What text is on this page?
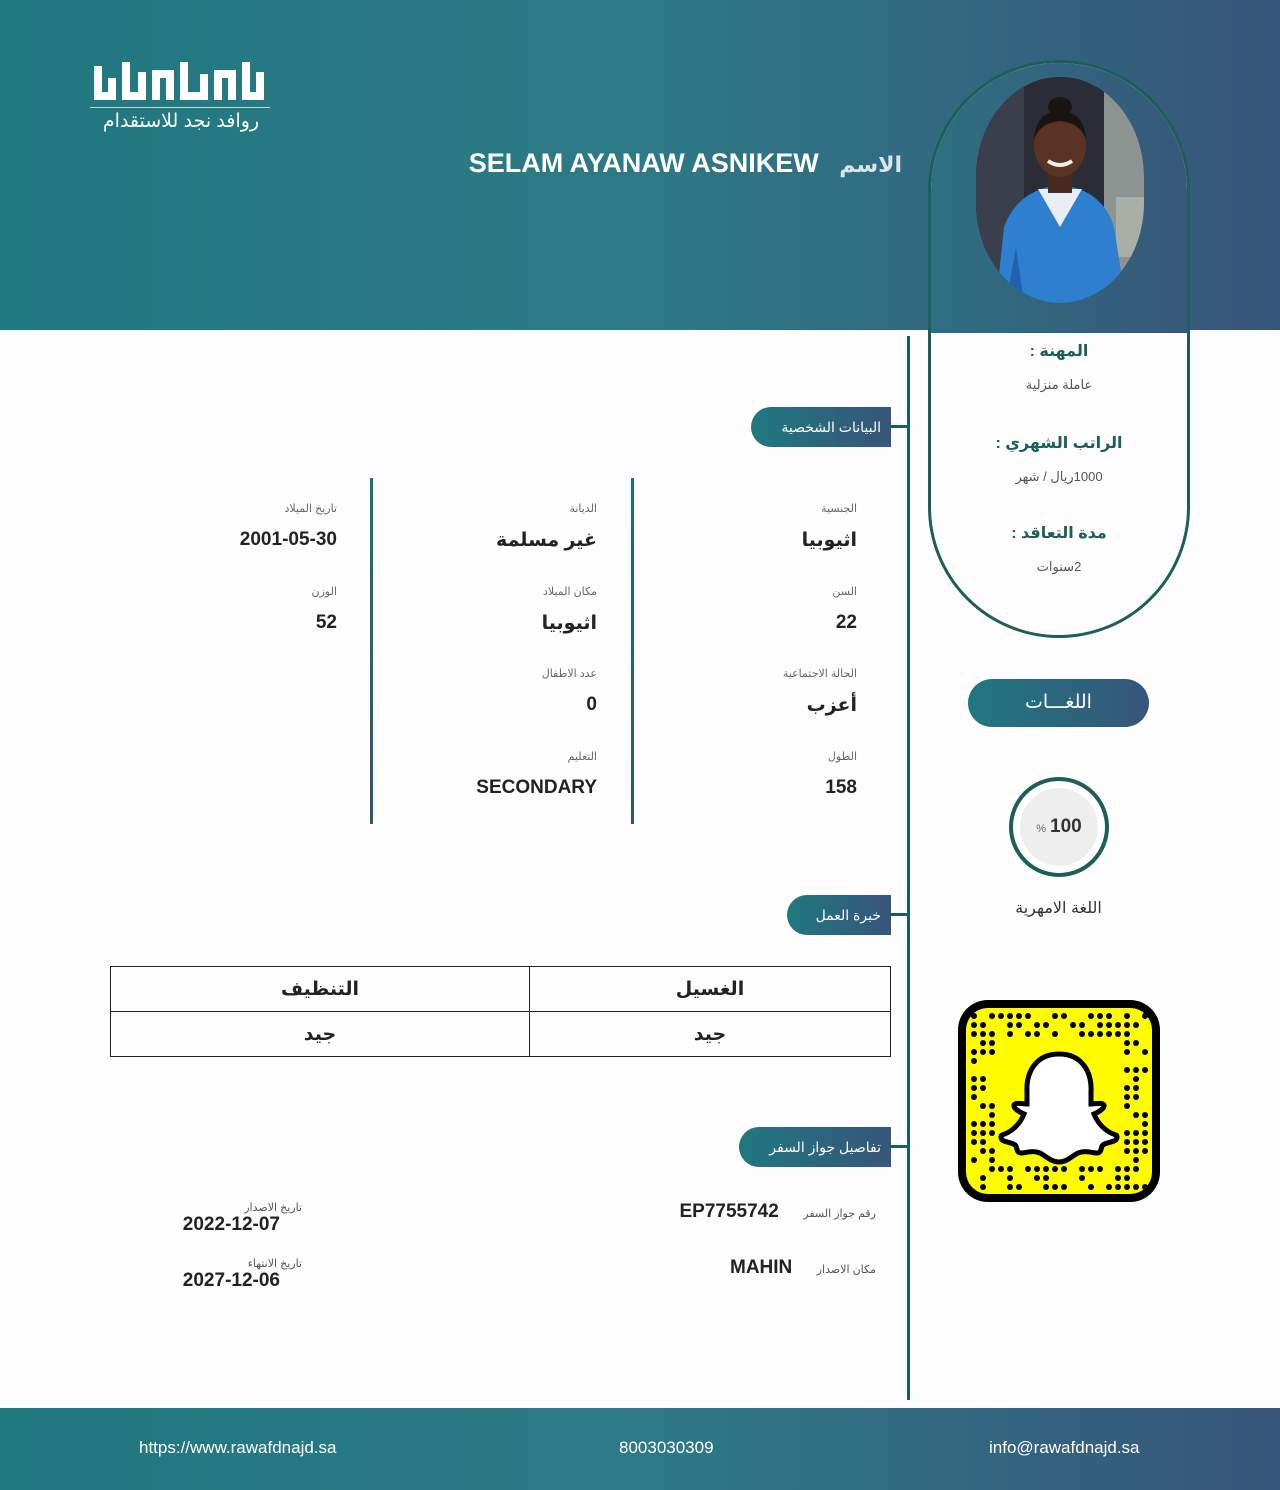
روافد نجد للاستقدام
الاسم SELAM AYANAW ASNIKEW
المهنة :
عاملة منزلية
الراتب الشهري :
1000ريال / شهر
مدة التعاقد :
2سنوات
البيانات الشخصية
الجنسية
اثيوبيا
السن
22
الحالة الاجتماعية
أعزب
الطول
158
الديانة
غير مسلمة
مكان الميلاد
اثيوبيا
عدد الاطفال
0
التعليم
SECONDARY
تاريخ الميلاد
2001-05-30
الوزن
52
اللغـــات
% 100
اللغة الامهرية
خبرة العمل
الغسيل	التنظيف
جيد	جيد
تفاصيل جواز السفر
رقم جواز السفر EP7755742
مكان الاصدار MAHIN
تاريخ الاصدار
2022-12-07
تاريخ الانتهاء
2027-12-06
https://www.rawafdnajd.sa	8003030309	info@rawafdnajd.sa
